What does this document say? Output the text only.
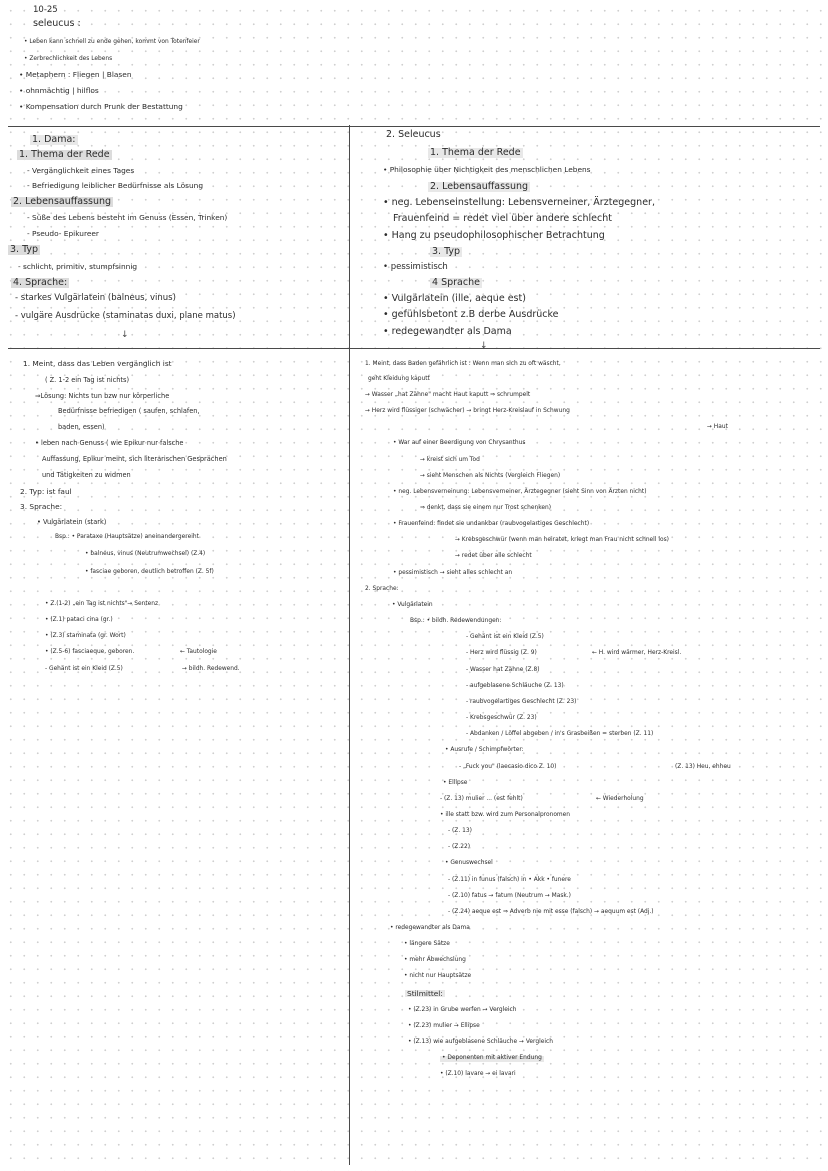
10-25
seleucus :
• Leben kann schnell zu ende gehen, kommt von Totenfeier
• Zerbrechlichkeit des Lebens
• Metaphern : Fliegen | Blasen
• ohnmächtig | hilflos
• Kompensation durch Prunk der Bestattung
1. Dama:
1. Thema der Rede
- Vergänglichkeit eines Tages
- Befriedigung leiblicher Bedürfnisse als Lösung
2. Lebensauffassung
- Süße des Lebens besteht im Genuss (Essen, Trinken)
- Pseudo- Epikureer
3. Typ
- schlicht, primitiv, stumpfsinnig
4. Sprache:
- starkes Vulgärlatein (balneus, vinus)
- vulgäre Ausdrücke (staminatas duxi, plane matus)
↓
2. Seleucus
1. Thema der Rede
• Philosophie über Nichtigkeit des menschlichen Lebens
2. Lebensauffassung
• neg. Lebenseinstellung: Lebensverneiner, Ärztegegner,
Frauenfeind = redet viel über andere schlecht
• Hang zu pseudophilosophischer Betrachtung
3. Typ
• pessimistisch
4 Sprache
• Vulgärlatein (ille, aeque est)
• gefühlsbetont z.B derbe Ausdrücke
• redegewandter als Dama
↓
1. Meint, dass das Leben vergänglich ist
( Z. 1-2 ein Tag ist nichts)
⇒Lösung: Nichts tun bzw nur körperliche
Bedürfnisse befriedigen ( saufen, schlafen,
baden, essen)
• leben nach Genuss ( wie Epikur nur falsche
Auffassung, Epikur meint, sich literarischen Gesprächen
und Tätigkeiten zu widmen
2. Typ: ist faul
3. Sprache:
• Vulgärlatein (stark)
Bsp.: • Parataxe (Hauptsätze) aneinandergereiht
• balneus, vinus (Neutrumwechsel) (Z.4)
• fasciae geboren, deutlich betroffen (Z. 5f)
• Z.(1-2) „ein Tag ist nichts"→ Sentenz
• (Z.1) pataci cina (gr.)
• (Z.3) staminata (gr. Wort)
• (Z.5-6) fasciaeque, geboren.	← Tautologie
- Gehänt ist ein Kleid (Z.5)	→ bildh. Redewend.
1. Meint, dass Baden gefährlich ist : Wenn man sich zu oft wäscht,
geht Kleidung kaputt
→ Wasser „hat Zähne" macht Haut kaputt ⇒ schrumpelt
→ Herz wird flüssiger (schwächer) → bringt Herz-Kreislauf in Schwung
→ Haut
• War auf einer Beerdigung von Chrysanthus
→ kreist sich um Tod
→ sieht Menschen als Nichts (Vergleich Fliegen)
• neg. Lebensverneinung: Lebensverneiner, Ärztegegner (sieht Sinn von Ärzten nicht)
⇒ denkt, dass sie einem nur Trost schenken)
• Frauenfeind: findet sie undankbar (raubvogelartiges Geschlecht)
→ Krebsgeschwür (wenn man heiratet, kriegt man Frau nicht schnell los)
→ redet über alle schlecht
• pessimistisch → sieht alles schlecht an
2. Sprache:
• Vulgärlatein
Bsp.: • bildh. Redewendungen:
- Gehänt ist ein Kleid (Z.5)
- Herz wird flüssig (Z. 9)	← H. wird wärmer, Herz-Kreisl.
- Wasser hat Zähne (Z.8)
- aufgeblasene Schläuche (Z. 13)
- raubvogelartiges Geschlecht (Z. 23)
- Krebsgeschwür (Z. 23)
- Abdanken / Löffel abgeben / in's Grasbeißen = sterben (Z. 11)
• Ausrufe / Schimpfwörter:
- „Fuck you" (laecasio dico Z. 10)	(Z. 13) Heu, ehheu
• Ellipse
- (Z. 13) mulier ... (est fehlt)	← Wiederholung
• ille statt bzw. wird zum Personalpronomen
- (Z. 13)
- (Z.22)
• Genuswechsel
- (Z.11) in funus (falsch) in • Akk • funere
- (Z.10) fatus → fatum (Neutrum → Mask.)
- (Z.24) aeque est ⇒ Adverb nie mit esse (falsch) → aequum est (Adj.)
• redegewandter als Dama
• längere Sätze
• mehr Abwechslung
• nicht nur Hauptsätze
Stilmittel:
• (Z.23) in Grube werfen → Vergleich
• (Z.23) mulier → Ellipse
• (Z.13) wie aufgeblasene Schläuche → Vergleich
• Deponenten mit aktiver Endung
• (Z.10) lavare → ei lavari
